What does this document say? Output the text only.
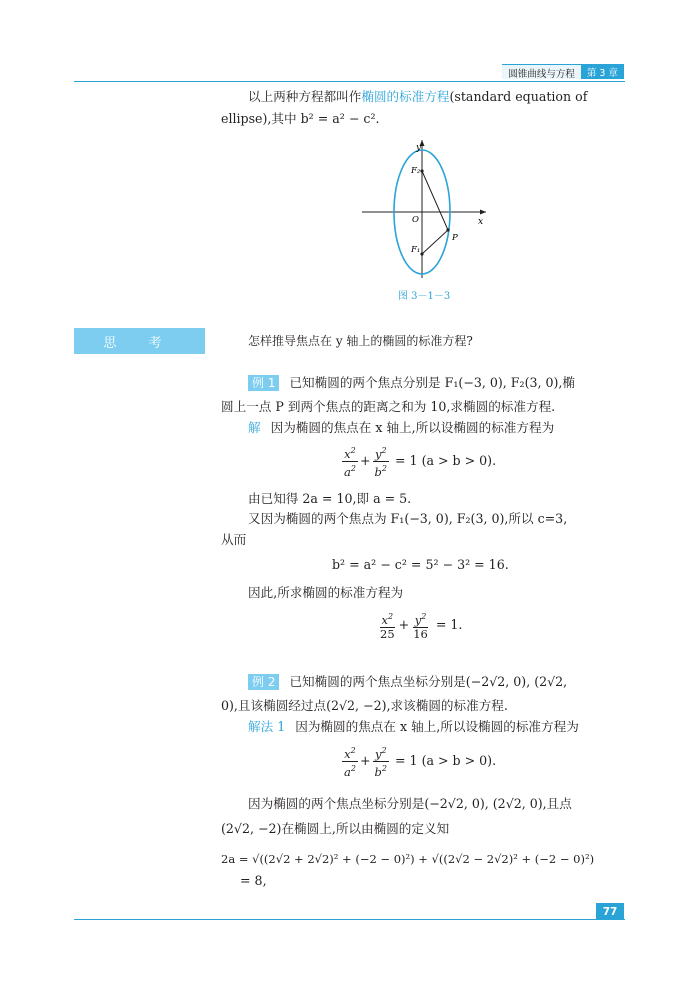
圆锥曲线与方程	第 3 章
以上两种方程都叫作椭圆的标准方程(standard equation of
ellipse),其中 b² = a² − c².
y
x
O
F₂
F₁
P
图 3－1－3
思 考	怎样推导焦点在 y 轴上的椭圆的标准方程?
例 1 已知椭圆的两个焦点分别是 F₁(−3, 0), F₂(3, 0),椭
圆上一点 P 到两个焦点的距离之和为 10,求椭圆的标准方程.
解 因为椭圆的焦点在 x 轴上,所以设椭圆的标准方程为
$\frac{x^2}{a^2} + \frac{y^2}{b^2} = 1$ (a > b > 0).
由已知得 2a = 10,即 a = 5.
又因为椭圆的两个焦点为 F₁(−3, 0), F₂(3, 0),所以 c=3,
从而
b² = a² − c² = 5² − 3² = 16.
因此,所求椭圆的标准方程为
$\frac{x^2}{25} + \frac{y^2}{16} = 1$.
例 2 已知椭圆的两个焦点坐标分别是(−2√2, 0), (2√2,
0),且该椭圆经过点(2√2, −2),求该椭圆的标准方程.
解法 1 因为椭圆的焦点在 x 轴上,所以设椭圆的标准方程为
$\frac{x^2}{a^2} + \frac{y^2}{b^2} = 1$ (a > b > 0).
因为椭圆的两个焦点坐标分别是(−2√2, 0), (2√2, 0),且点
(2√2, −2)在椭圆上,所以由椭圆的定义知
2a = √((2√2 + 2√2)² + (−2 − 0)²) + √((2√2 − 2√2)² + (−2 − 0)²)
= 8,
77
